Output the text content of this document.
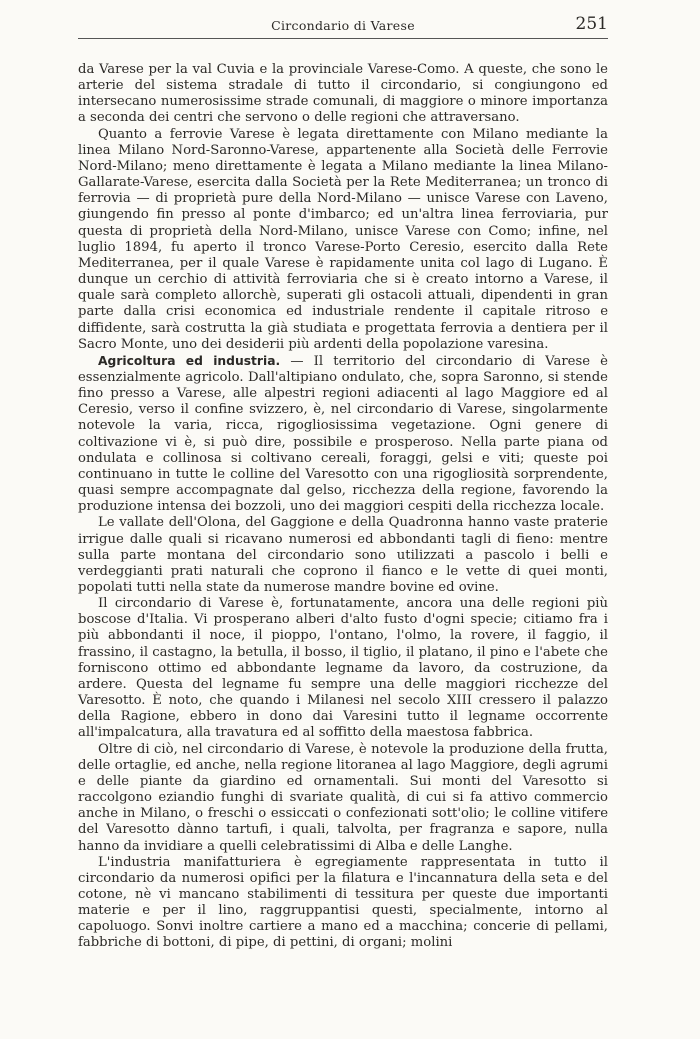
Circondario di Varese	251

da Varese per la val Cuvia e la provinciale Varese-Como. A queste, che sono le arterie del sistema stradale di tutto il circondario, si congiungono ed intersecano numerosissime strade comunali, di maggiore o minore importanza a seconda dei centri che servono o delle regioni che attraversano.

Quanto a ferrovie Varese è legata direttamente con Milano mediante la linea Milano Nord-Saronno-Varese, appartenente alla Società delle Ferrovie Nord-Milano; meno direttamente è legata a Milano mediante la linea Milano-Gallarate-Varese, esercita dalla Società per la Rete Mediterranea; un tronco di ferrovia — di proprietà pure della Nord-Milano — unisce Varese con Laveno, giungendo fin presso al ponte d'imbarco; ed un'altra linea ferroviaria, pur questa di proprietà della Nord-Milano, unisce Varese con Como; infine, nel luglio 1894, fu aperto il tronco Varese-Porto Ceresio, esercito dalla Rete Mediterranea, per il quale Varese è rapidamente unita col lago di Lugano. È dunque un cerchio di attività ferroviaria che si è creato intorno a Varese, il quale sarà completo allorchè, superati gli ostacoli attuali, dipendenti in gran parte dalla crisi economica ed industriale rendente il capitale ritroso e diffidente, sarà costrutta la già studiata e progettata ferrovia a dentiera per il Sacro Monte, uno dei desiderii più ardenti della popolazione varesina.

Agricoltura ed industria. — Il territorio del circondario di Varese è essenzialmente agricolo. Dall'altipiano ondulato, che, sopra Saronno, si stende fino presso a Varese, alle alpestri regioni adiacenti al lago Maggiore ed al Ceresio, verso il confine svizzero, è, nel circondario di Varese, singolarmente notevole la varia, ricca, rigogliosissima vegetazione. Ogni genere di coltivazione vi è, si può dire, possibile e prosperoso. Nella parte piana od ondulata e collinosa si coltivano cereali, foraggi, gelsi e viti; queste poi continuano in tutte le colline del Varesotto con una rigogliosità sorprendente, quasi sempre accompagnate dal gelso, ricchezza della regione, favorendo la produzione intensa dei bozzoli, uno dei maggiori cespiti della ricchezza locale.

Le vallate dell'Olona, del Gaggione e della Quadronna hanno vaste praterie irrigue dalle quali si ricavano numerosi ed abbondanti tagli di fieno: mentre sulla parte montana del circondario sono utilizzati a pascolo i belli e verdeggianti prati naturali che coprono il fianco e le vette di quei monti, popolati tutti nella state da numerose mandre bovine ed ovine.

Il circondario di Varese è, fortunatamente, ancora una delle regioni più boscose d'Italia. Vi prosperano alberi d'alto fusto d'ogni specie; citiamo fra i più abbondanti il noce, il pioppo, l'ontano, l'olmo, la rovere, il faggio, il frassino, il castagno, la betulla, il bosso, il tiglio, il platano, il pino e l'abete che forniscono ottimo ed abbondante legname da lavoro, da costruzione, da ardere. Questa del legname fu sempre una delle maggiori ricchezze del Varesotto. È noto, che quando i Milanesi nel secolo XIII cressero il palazzo della Ragione, ebbero in dono dai Varesini tutto il legname occorrente all'impalcatura, alla travatura ed al soffitto della maestosa fabbrica.

Oltre di ciò, nel circondario di Varese, è notevole la produzione della frutta, delle ortaglie, ed anche, nella regione litoranea al lago Maggiore, degli agrumi e delle piante da giardino ed ornamentali. Sui monti del Varesotto si raccolgono eziandio funghi di svariate qualità, di cui si fa attivo commercio anche in Milano, o freschi o essiccati o confezionati sott'olio; le colline vitifere del Varesotto dànno tartufi, i quali, talvolta, per fragranza e sapore, nulla hanno da invidiare a quelli celebratissimi di Alba e delle Langhe.

L'industria manifatturiera è egregiamente rappresentata in tutto il circondario da numerosi opifici per la filatura e l'incannatura della seta e del cotone, nè vi mancano stabilimenti di tessitura per queste due importanti materie e per il lino, raggruppantisi questi, specialmente, intorno al capoluogo. Sonvi inoltre cartiere a mano ed a macchina; concerie di pellami, fabbriche di bottoni, di pipe, di pettini, di organi; molini
